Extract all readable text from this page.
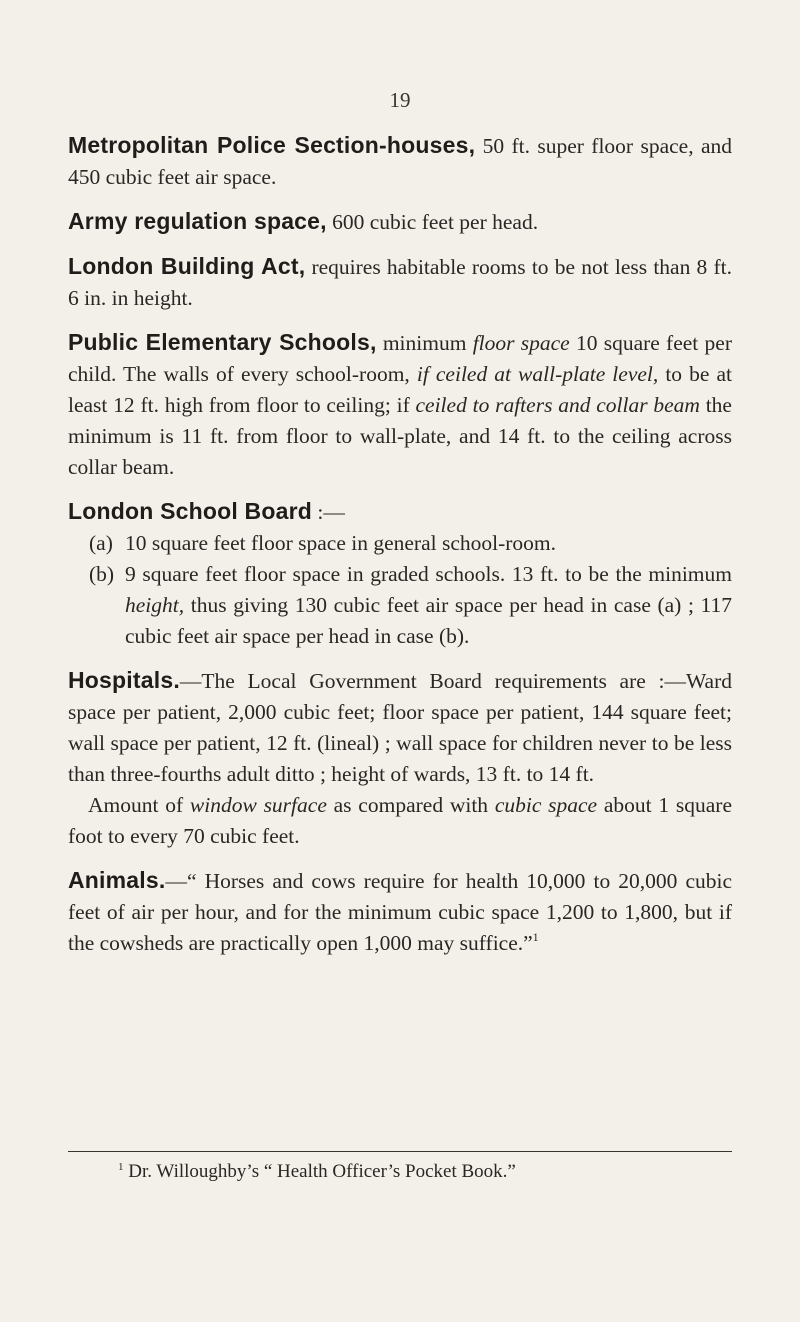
19

Metropolitan Police Section-houses, 50 ft. super floor space, and 450 cubic feet air space.

Army regulation space, 600 cubic feet per head.

London Building Act, requires habitable rooms to be not less than 8 ft. 6 in. in height.

Public Elementary Schools, minimum floor space 10 square feet per child. The walls of every school-room, if ceiled at wall-plate level, to be at least 12 ft. high from floor to ceiling; if ceiled to rafters and collar beam the minimum is 11 ft. from floor to wall-plate, and 14 ft. to the ceiling across collar beam.

London School Board :—

(a) 10 square feet floor space in general school-room.
(b) 9 square feet floor space in graded schools. 13 ft. to be the minimum height, thus giving 130 cubic feet air space per head in case (a) ; 117 cubic feet air space per head in case (b).

Hospitals.—The Local Government Board requirements are :—Ward space per patient, 2,000 cubic feet; floor space per patient, 144 square feet; wall space per patient, 12 ft. (lineal) ; wall space for children never to be less than three-fourths adult ditto ; height of wards, 13 ft. to 14 ft.

Amount of window surface as compared with cubic space about 1 square foot to every 70 cubic feet.

Animals.—“ Horses and cows require for health 10,000 to 20,000 cubic feet of air per hour, and for the minimum cubic space 1,200 to 1,800, but if the cowsheds are practically open 1,000 may suffice.”$^1$

$^1$ Dr. Willoughby’s “ Health Officer’s Pocket Book.”
